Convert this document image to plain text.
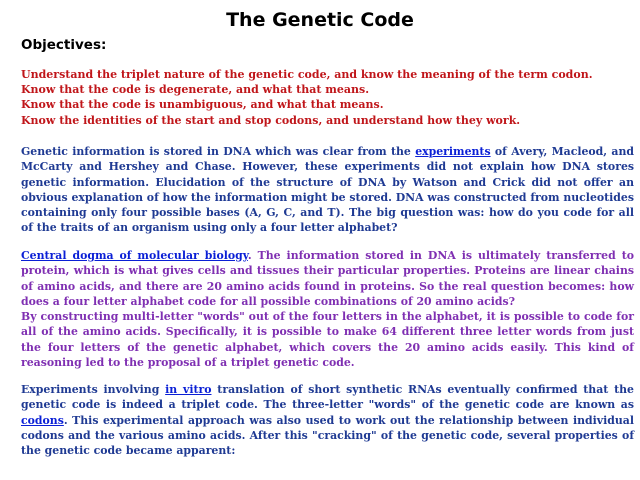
The Genetic Code
Objectives:
Understand the triplet nature of the genetic code, and know the meaning of the term codon.
Know that the code is degenerate, and what that means.
Know that the code is unambiguous, and what that means.
Know the identities of the start and stop codons, and understand how they work.

Genetic information is stored in DNA which was clear from the experiments of Avery, Macleod, and McCarty and Hershey and Chase. However, these experiments did not explain how DNA stores genetic information. Elucidation of the structure of DNA by Watson and Crick did not offer an obvious explanation of how the information might be stored. DNA was constructed from nucleotides containing only four possible bases (A, G, C, and T). The big question was: how do you code for all of the traits of an organism using only a four letter alphabet?

Central dogma of molecular biology. The information stored in DNA is ultimately transferred to protein, which is what gives cells and tissues their particular properties. Proteins are linear chains of amino acids, and there are 20 amino acids found in proteins. So the real question becomes: how does a four letter alphabet code for all possible combinations of 20 amino acids?
By constructing multi-letter "words" out of the four letters in the alphabet, it is possible to code for all of the amino acids. Specifically, it is possible to make 64 different three letter words from just the four letters of the genetic alphabet, which covers the 20 amino acids easily. This kind of reasoning led to the proposal of a triplet genetic code.

Experiments involving in vitro translation of short synthetic RNAs eventually confirmed that the genetic code is indeed a triplet code. The three-letter "words" of the genetic code are known as codons. This experimental approach was also used to work out the relationship between individual codons and the various amino acids. After this "cracking" of the genetic code, several properties of the genetic code became apparent:
